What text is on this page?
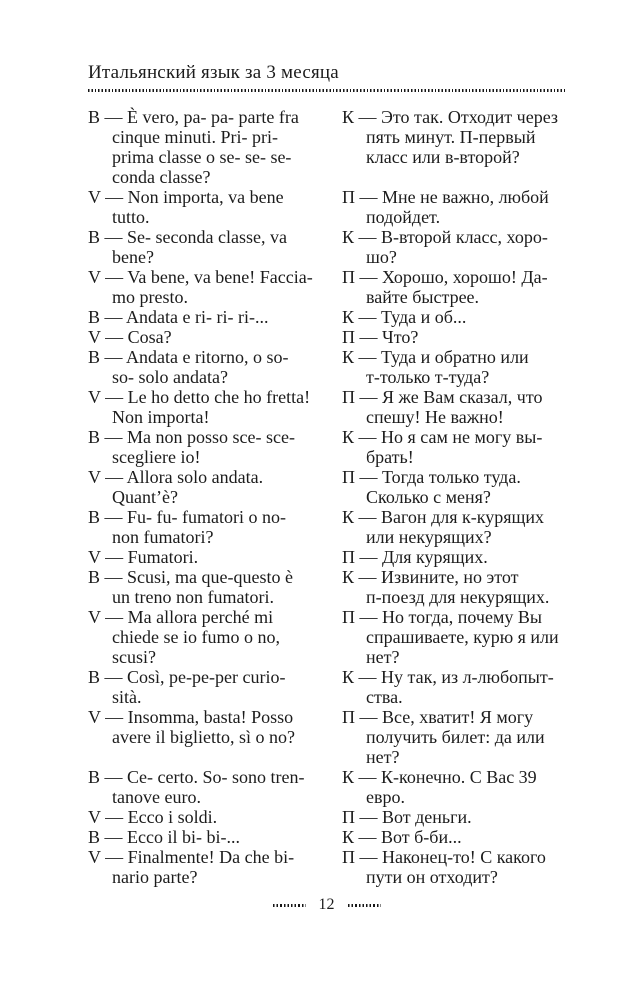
Итальянский язык за 3 месяца
B — È vero, pa- pa- parte fra
cinque minuti. Pri- pri-
prima classe o se- se- se-
conda classe?
V — Non importa, va bene
tutto.
B — Se- seconda classe, va
bene?
V — Va bene, va bene! Faccia-
mo presto.
B — Andata e ri- ri- ri-...
V — Cosa?
B — Andata e ritorno, o so-
so- solo andata?
V — Le ho detto che ho fretta!
Non importa!
B — Ma non posso sce- sce-
scegliere io!
V — Allora solo andata.
Quant’è?
B — Fu- fu- fumatori o no-
non fumatori?
V — Fumatori.
B — Scusi, ma que-questo è
un treno non fumatori.
V — Ma allora perché mi
chiede se io fumo o no,
scusi?
B — Così, pe-pe-per curio-
sità.
V — Insomma, basta! Posso
avere il biglietto, sì o no?
B — Ce- certo. So- sono tren-
tanove euro.
V — Ecco i soldi.
B — Ecco il bi- bi-...
V — Finalmente! Da che bi-
nario parte?
К — Это так. Отходит через
пять минут. П-первый
класс или в-второй?
П — Мне не важно, любой
подойдет.
К — В-второй класс, хоро-
шо?
П — Хорошо, хорошо! Да-
вайте быстрее.
К — Туда и об...
П — Что?
К — Туда и обратно или
т-только т-туда?
П — Я же Вам сказал, что
спешу! Не важно!
К — Но я сам не могу вы-
брать!
П — Тогда только туда.
Сколько с меня?
К — Вагон для к-курящих
или некурящих?
П — Для курящих.
К — Извините, но этот
п-поезд для некурящих.
П — Но тогда, почему Вы
спрашиваете, курю я или
нет?
К — Ну так, из л-любопыт-
ства.
П — Все, хватит! Я могу
получить билет: да или
нет?
К — К-конечно. С Вас 39
евро.
П — Вот деньги.
К — Вот б-би...
П — Наконец-то! С какого
пути он отходит?
12
